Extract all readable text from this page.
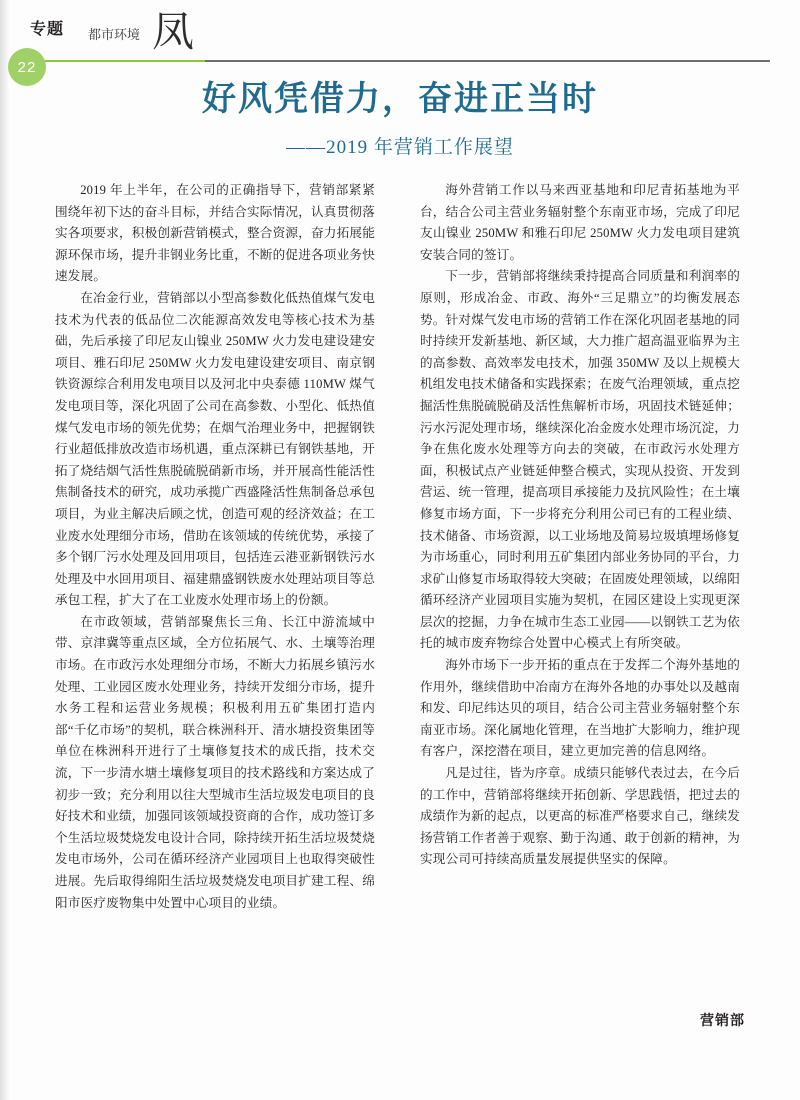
专题 都市环境 凤
22
好风凭借力，奋进正当时
——2019 年营销工作展望

2019 年上半年，在公司的正确指导下，营销部紧紧围绕年初下达的奋斗目标，并结合实际情况，认真贯彻落实各项要求，积极创新营销模式，整合资源，奋力拓展能源环保市场，提升非钢业务比重，不断的促进各项业务快速发展。

在冶金行业，营销部以小型高参数化低热值煤气发电技术为代表的低品位二次能源高效发电等核心技术为基础，先后承接了印尼友山镍业 250MW 火力发电建设建安项目、雅石印尼 250MW 火力发电建设建安项目、南京钢铁资源综合利用发电项目以及河北中央泰德 110MW 煤气发电项目等，深化巩固了公司在高参数、小型化、低热值煤气发电市场的领先优势；在烟气治理业务中，把握钢铁行业超低排放改造市场机遇，重点深耕已有钢铁基地，开拓了烧结烟气活性焦脱硫脱硝新市场，并开展高性能活性焦制备技术的研究，成功承揽广西盛隆活性焦制备总承包项目，为业主解决后顾之忧，创造可观的经济效益；在工业废水处理细分市场，借助在该领域的传统优势，承接了多个钢厂污水处理及回用项目，包括连云港亚新钢铁污水处理及中水回用项目、福建鼎盛钢铁废水处理站项目等总承包工程，扩大了在工业废水处理市场上的份额。

在市政领域，营销部聚焦长三角、长江中游流域中带、京津冀等重点区域，全方位拓展气、水、土壤等治理市场。在市政污水处理细分市场，不断大力拓展乡镇污水处理、工业园区废水处理业务，持续开发细分市场，提升水务工程和运营业务规模；积极利用五矿集团打造内部“千亿市场”的契机，联合株洲科开、清水塘投资集团等单位在株洲科开进行了土壤修复技术的成氏指，技术交流，下一步清水塘土壤修复项目的技术路线和方案达成了初步一致；充分利用以往大型城市生活垃圾发电项目的良好技术和业绩，加强同该领域投资商的合作，成功签订多个生活垃圾焚烧发电设计合同，除持续开拓生活垃圾焚烧发电市场外，公司在循环经济产业园项目上也取得突破性进展。先后取得绵阳生活垃圾焚烧发电项目扩建工程、绵阳市医疗废物集中处置中心项目的业绩。

海外营销工作以马来西亚基地和印尼青拓基地为平台，结合公司主营业务辐射整个东南亚市场，完成了印尼友山镍业 250MW 和雅石印尼 250MW 火力发电项目建筑安装合同的签订。

下一步，营销部将继续秉持提高合同质量和利润率的原则，形成冶金、市政、海外“三足鼎立”的均衡发展态势。针对煤气发电市场的营销工作在深化巩固老基地的同时持续开发新基地、新区域，大力推广超高温亚临界为主的高参数、高效率发电技术，加强 350MW 及以上规模大机组发电技术储备和实践探索；在废气治理领域，重点挖掘活性焦脱硫脱硝及活性焦解析市场，巩固技术链延伸；污水污泥处理市场，继续深化冶金废水处理市场沉淀，力争在焦化废水处理等方向去的突破，在市政污水处理方面，积极试点产业链延伸整合模式，实现从投资、开发到营运、统一管理，提高项目承接能力及抗风险性；在土壤修复市场方面，下一步将充分利用公司已有的工程业绩、技术储备、市场资源，以工业场地及简易垃圾填埋场修复为市场重心，同时利用五矿集团内部业务协同的平台，力求矿山修复市场取得较大突破；在固废处理领域，以绵阳循环经济产业园项目实施为契机，在园区建设上实现更深层次的挖掘，力争在城市生态工业园——以钢铁工艺为依托的城市废弃物综合处置中心模式上有所突破。

海外市场下一步开拓的重点在于发挥二个海外基地的作用外，继续借助中冶南方在海外各地的办事处以及越南和发、印尼纬达贝的项目，结合公司主营业务辐射整个东南亚市场。深化属地化管理，在当地扩大影响力，维护现有客户，深挖潜在项目，建立更加完善的信息网络。

凡是过往，皆为序章。成绩只能够代表过去，在今后的工作中，营销部将继续开拓创新、学思践悟，把过去的成绩作为新的起点，以更高的标准严格要求自己，继续发扬营销工作者善于观察、勤于沟通、敢于创新的精神，为实现公司可持续高质量发展提供坚实的保障。

营销部
